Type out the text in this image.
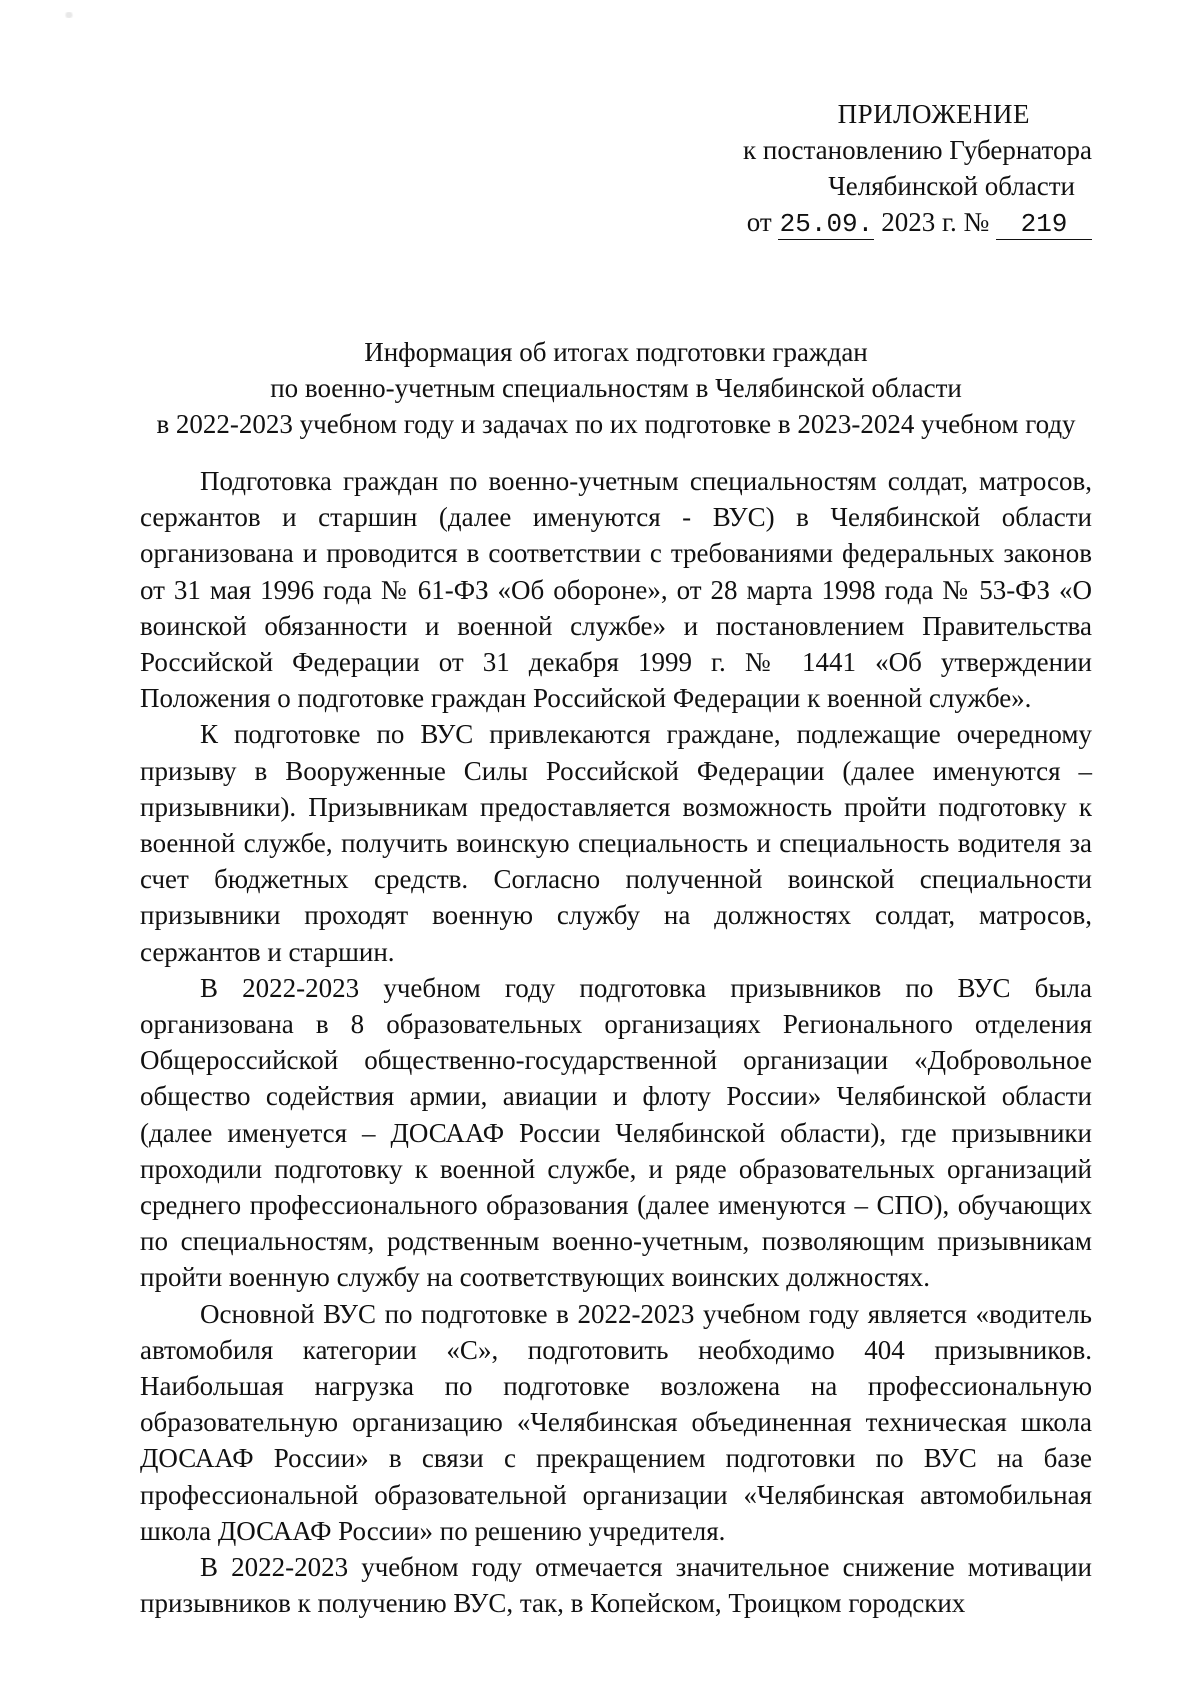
ПРИЛОЖЕНИЕ
к постановлению Губернатора
Челябинской области
от 25.09. 2023 г. № 219
Информация об итогах подготовки граждан
по военно-учетным специальностям в Челябинской области
в 2022-2023 учебном году и задачах по их подготовке в 2023-2024 учебном году

Подготовка граждан по военно-учетным специальностям солдат, матросов, сержантов и старшин (далее именуются - ВУС) в Челябинской области организована и проводится в соответствии с требованиями федеральных законов от 31 мая 1996 года № 61-ФЗ «Об обороне», от 28 марта 1998 года № 53-ФЗ «О воинской обязанности и военной службе» и постановлением Правительства Российской Федерации от 31 декабря 1999 г. № 1441 «Об утверждении Положения о подготовке граждан Российской Федерации к военной службе».

К подготовке по ВУС привлекаются граждане, подлежащие очередному призыву в Вооруженные Силы Российской Федерации (далее именуются – призывники). Призывникам предоставляется возможность пройти подготовку к военной службе, получить воинскую специальность и специальность водителя за счет бюджетных средств. Согласно полученной воинской специальности призывники проходят военную службу на должностях солдат, матросов, сержантов и старшин.

В 2022-2023 учебном году подготовка призывников по ВУС была организована в 8 образовательных организациях Регионального отделения Общероссийской общественно-государственной организации «Добровольное общество содействия армии, авиации и флоту России» Челябинской области (далее именуется – ДОСААФ России Челябинской области), где призывники проходили подготовку к военной службе, и ряде образовательных организаций среднего профессионального образования (далее именуются – СПО), обучающих по специальностям, родственным военно-учетным, позволяющим призывникам пройти военную службу на соответствующих воинских должностях.

Основной ВУС по подготовке в 2022-2023 учебном году является «водитель автомобиля категории «С», подготовить необходимо 404 призывников. Наибольшая нагрузка по подготовке возложена на профессиональную образовательную организацию «Челябинская объединенная техническая школа ДОСААФ России» в связи с прекращением подготовки по ВУС на базе профессиональной образовательной организации «Челябинская автомобильная школа ДОСААФ России» по решению учредителя.

В 2022-2023 учебном году отмечается значительное снижение мотивации призывников к получению ВУС, так, в Копейском, Троицком городских
